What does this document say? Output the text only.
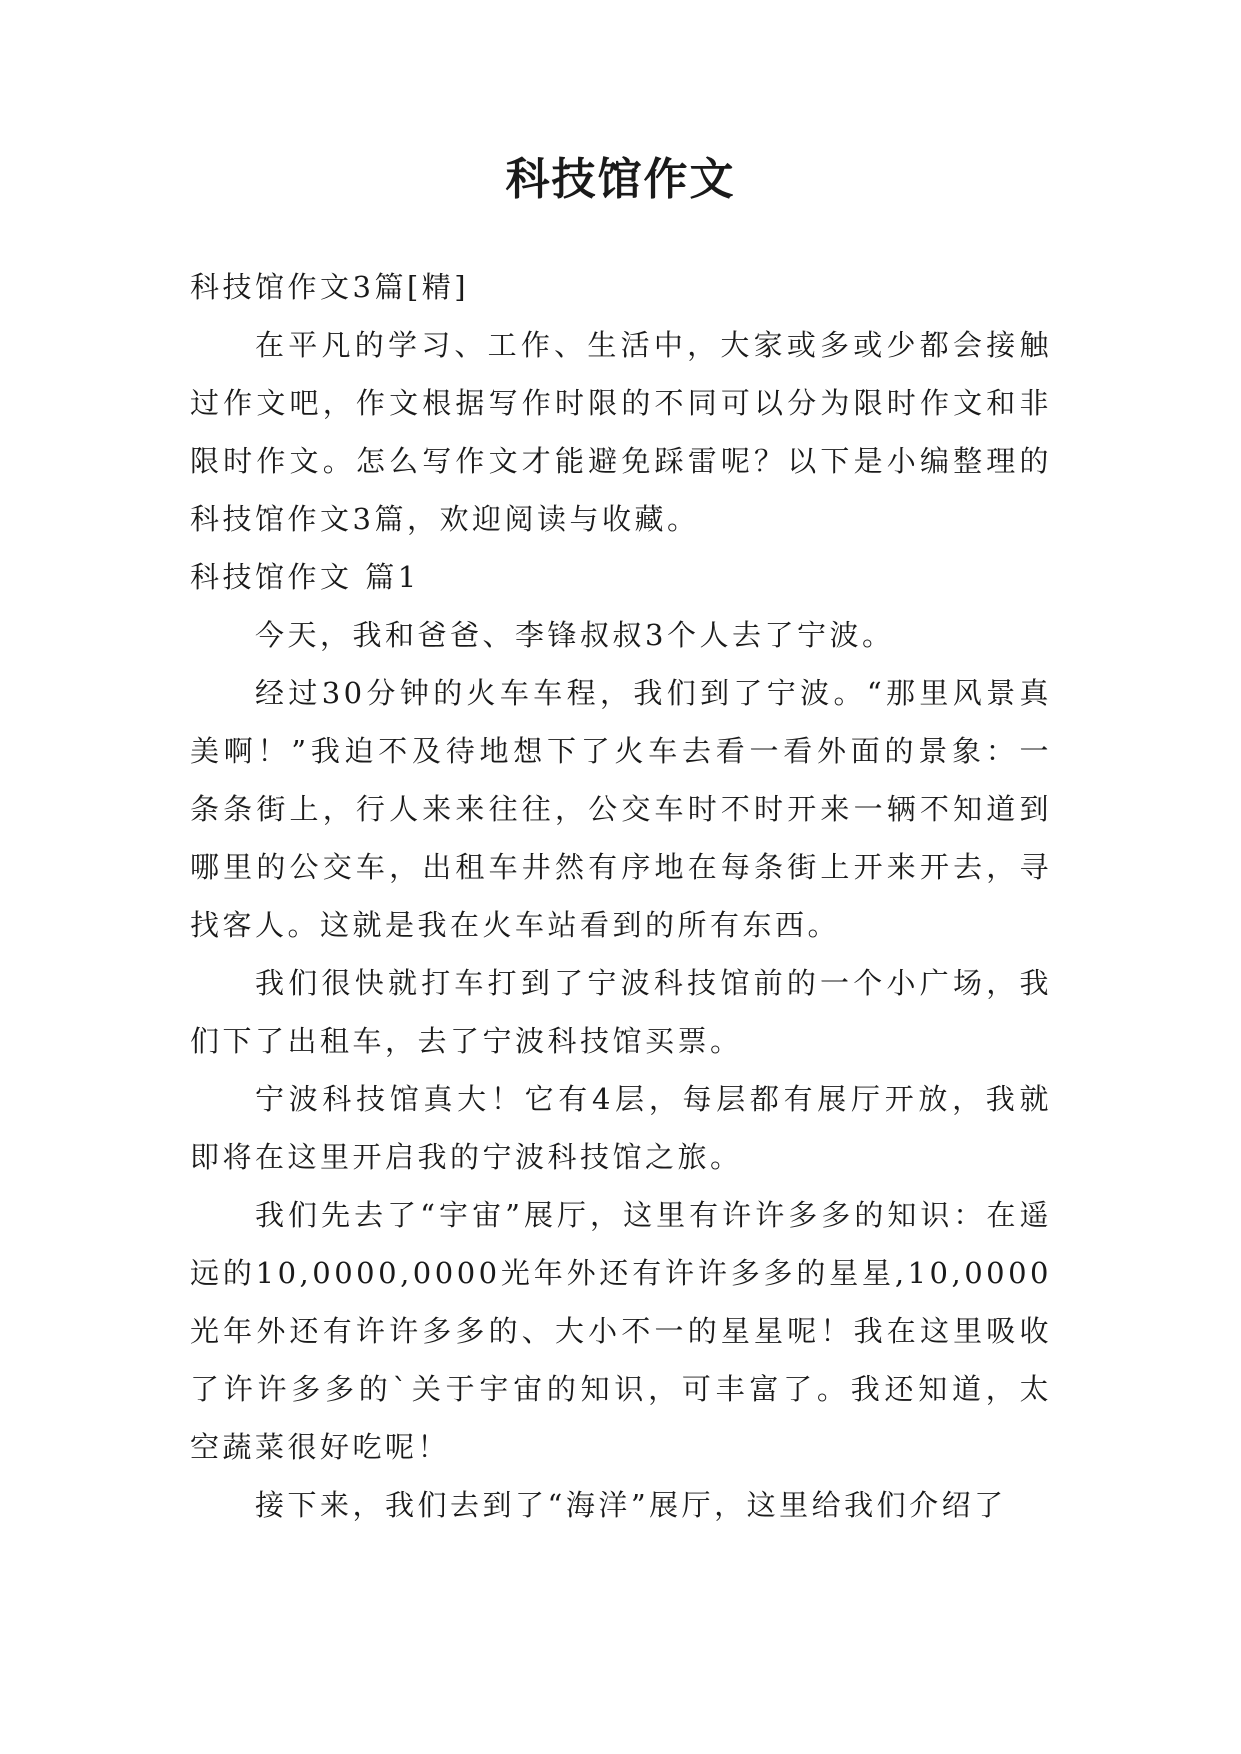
科技馆作文

科技馆作文3篇[精]

在平凡的学习、工作、生活中，大家或多或少都会接触过作文吧，作文根据写作时限的不同可以分为限时作文和非限时作文。怎么写作文才能避免踩雷呢？以下是小编整理的科技馆作文3篇，欢迎阅读与收藏。

科技馆作文 篇1

今天，我和爸爸、李锋叔叔3个人去了宁波。

经过30分钟的火车车程，我们到了宁波。“那里风景真美啊！”我迫不及待地想下了火车去看一看外面的景象：一条条街上，行人来来往往，公交车时不时开来一辆不知道到哪里的公交车，出租车井然有序地在每条街上开来开去，寻找客人。这就是我在火车站看到的所有东西。

我们很快就打车打到了宁波科技馆前的一个小广场，我们下了出租车，去了宁波科技馆买票。

宁波科技馆真大！它有4层，每层都有展厅开放，我就即将在这里开启我的宁波科技馆之旅。

我们先去了“宇宙”展厅，这里有许许多多的知识：在遥远的10,0000,0000光年外还有许许多多的星星,10,0000光年外还有许许多多的、大小不一的星星呢！我在这里吸收了许许多多的`关于宇宙的知识，可丰富了。我还知道，太空蔬菜很好吃呢！

接下来，我们去到了“海洋”展厅，这里给我们介绍了
